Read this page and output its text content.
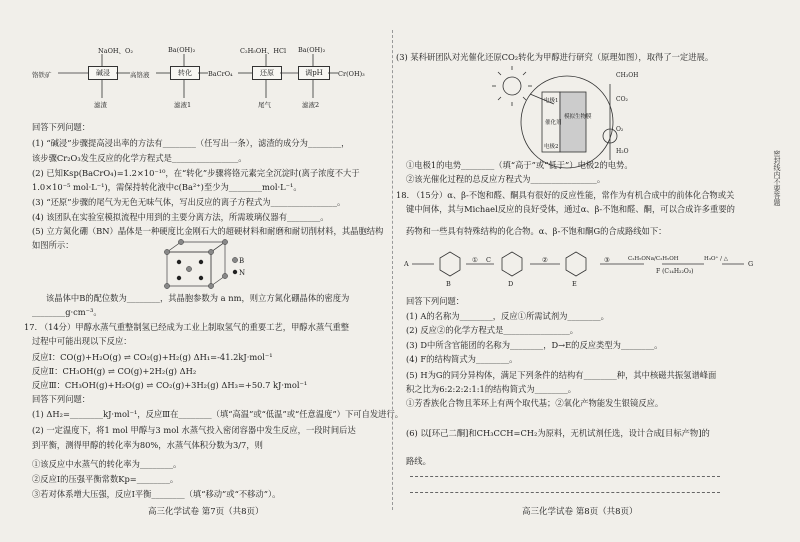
铬铁矿
NaOH、O₂
碱浸	高铬液
Ba(OH)₂
转化	BaCrO₄
C₂H₅OH、HCl
还原
Ba(OH)₂
调pH	Cr(OH)₃
滤渣	滤液1	尾气	滤液2
回答下列问题：
(1) “碱浸”步骤提高浸出率的方法有________（任写出一条），滤渣的成分为________，
该步骤Cr₂O₃发生反应的化学方程式是________________。
(2) 已知Ksp(BaCrO₄)=1.2×10⁻¹⁰，在“转化”步骤将铬元素完全沉淀时(离子浓度不大于
1.0×10⁻⁵ mol·L⁻¹)，需保持转化液中c(Ba²⁺)至少为________mol·L⁻¹。
(3) “还原”步骤的尾气为无色无味气体，写出反应的离子方程式为________________。
(4) 该团队在实验室模拟流程中用到的主要分离方法，所需玻璃仪器有________。
(5) 立方氮化硼（BN）晶体是一种硬度比金刚石大的超硬材料和耐磨和耐切削材料，其晶胞结构
如图所示：
B
N
该晶体中B的配位数为________，其晶胞参数为 a nm，则立方氮化硼晶体的密度为
________g·cm⁻³。
17. （14分）甲醇水蒸气重整制氢已经成为工业上制取氢气的重要工艺，甲醇水蒸气重整
过程中可能出现以下反应：
反应Ⅰ：CO(g)+H₂O(g) ⇌ CO₂(g)+H₂(g) ΔH₁=-41.2kJ·mol⁻¹
反应Ⅱ：CH₃OH(g) ⇌ CO(g)+2H₂(g) ΔH₂
反应Ⅲ：CH₃OH(g)+H₂O(g) ⇌ CO₂(g)+3H₂(g) ΔH₃=+50.7 kJ·mol⁻¹
回答下列问题：
(1) ΔH₂=________kJ·mol⁻¹，反应Ⅲ在________（填“高温”或“低温”或“任意温度”）下可自发进行。
(2) 一定温度下，将1 mol 甲醇与3 mol 水蒸气投入密闭容器中发生反应，一段时间后达
到平衡，测得甲醇的转化率为80%，水蒸气体积分数为3/7，则
①该反应中水蒸气的转化率为________。
②反应Ⅰ的压强平衡常数Kp=________。
③若对体系增大压强，反应Ⅰ平衡________（填“移动”或“不移动”）。
高三化学试卷 第7页（共8页）
(3) 某科研团队对光催化还原CO₂转化为甲醇进行研究（原理如图），取得了一定进展。
电极1
电极2
催化剂
模拟生物膜
CH₃OH
CO₂
O₂
H₂O
①电极1的电势________（填“高于”或“低于”）电极2的电势。
②该光催化过程的总反应方程式为________________。
18. （15分）α、β-不饱和醛、酮具有很好的反应性能，常作为有机合成中的前体化合物或关
键中间体，其与Michael反应的良好受体，通过α、β-不饱和醛、酮，可以合成许多重要的
药物和一些具有特殊结构的化合物。α、β-不饱和酮G的合成路线如下：
A
B
① C
D
②
E
③	C₂H₅ONa/C₂H₅OH
F (C₁₄H₂₂O₃)
H₃O⁺ / △
G
回答下列问题：
(1) A的名称为________，反应①所需试剂为________。
(2) 反应②的化学方程式是________________。
(3) D中所含官能团的名称为________，D→E的反应类型为________。
(4) F的结构简式为________。
(5) H为G的同分异构体，满足下列条件的结构有________种，其中核磁共振氢谱峰面
积之比为6:2:2:2:1:1的结构简式为________。
①芳香族化合物且苯环上有两个取代基；②氧化产物能发生银镜反应。
(6) 以[环己二酮]和CH₃CCH=CH₂为原料，无机试剂任选，设计合成[目标产物]的
路线。
高三化学试卷 第8页（共8页）
密封线内不要答题
